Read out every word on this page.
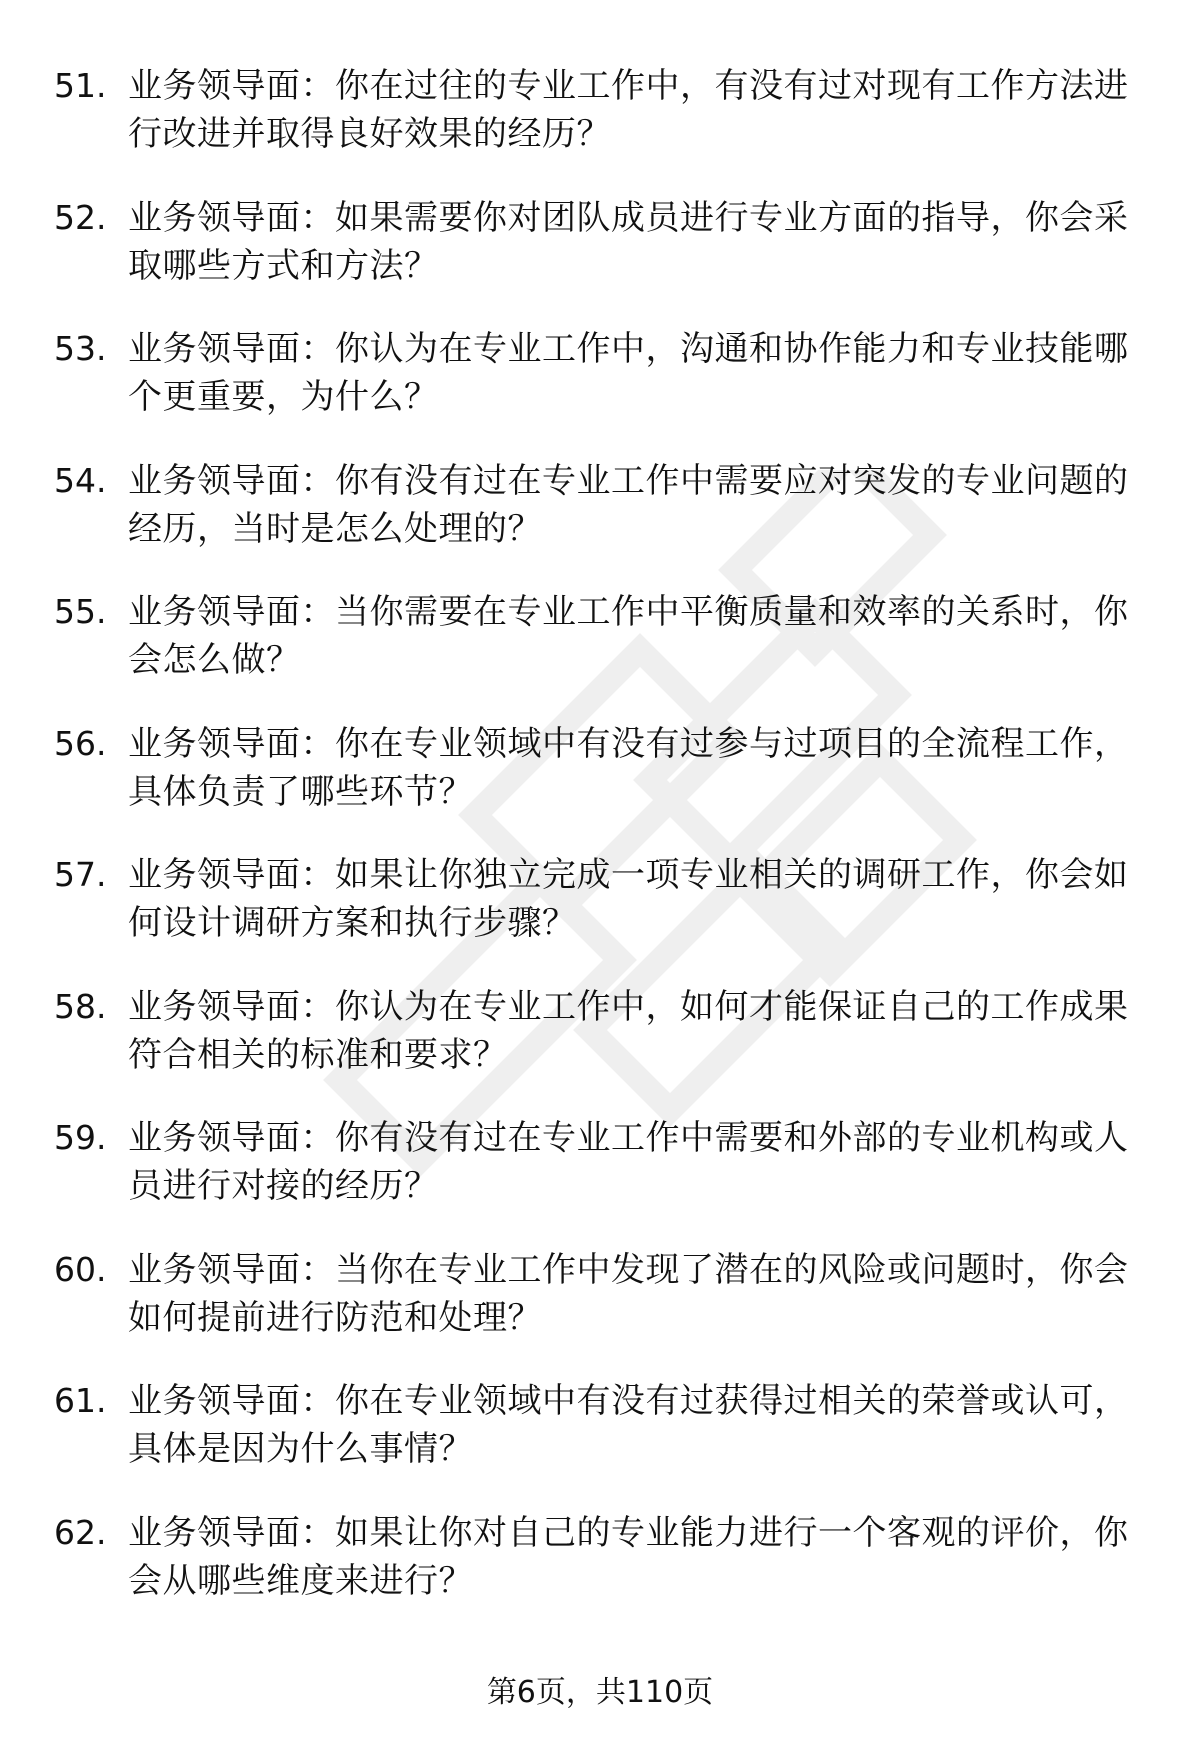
51. 业务领导面：你在过往的专业工作中，有没有过对现有工作方法进行改进并取得良好效果的经历？
52. 业务领导面：如果需要你对团队成员进行专业方面的指导，你会采取哪些方式和方法？
53. 业务领导面：你认为在专业工作中，沟通和协作能力和专业技能哪个更重要，为什么？
54. 业务领导面：你有没有过在专业工作中需要应对突发的专业问题的经历，当时是怎么处理的？
55. 业务领导面：当你需要在专业工作中平衡质量和效率的关系时，你会怎么做？
56. 业务领导面：你在专业领域中有没有过参与过项目的全流程工作，具体负责了哪些环节？
57. 业务领导面：如果让你独立完成一项专业相关的调研工作，你会如何设计调研方案和执行步骤？
58. 业务领导面：你认为在专业工作中，如何才能保证自己的工作成果符合相关的标准和要求？
59. 业务领导面：你有没有过在专业工作中需要和外部的专业机构或人员进行对接的经历？
60. 业务领导面：当你在专业工作中发现了潜在的风险或问题时，你会如何提前进行防范和处理？
61. 业务领导面：你在专业领域中有没有过获得过相关的荣誉或认可，具体是因为什么事情？
62. 业务领导面：如果让你对自己的专业能力进行一个客观的评价，你会从哪些维度来进行？
第6页，共110页
